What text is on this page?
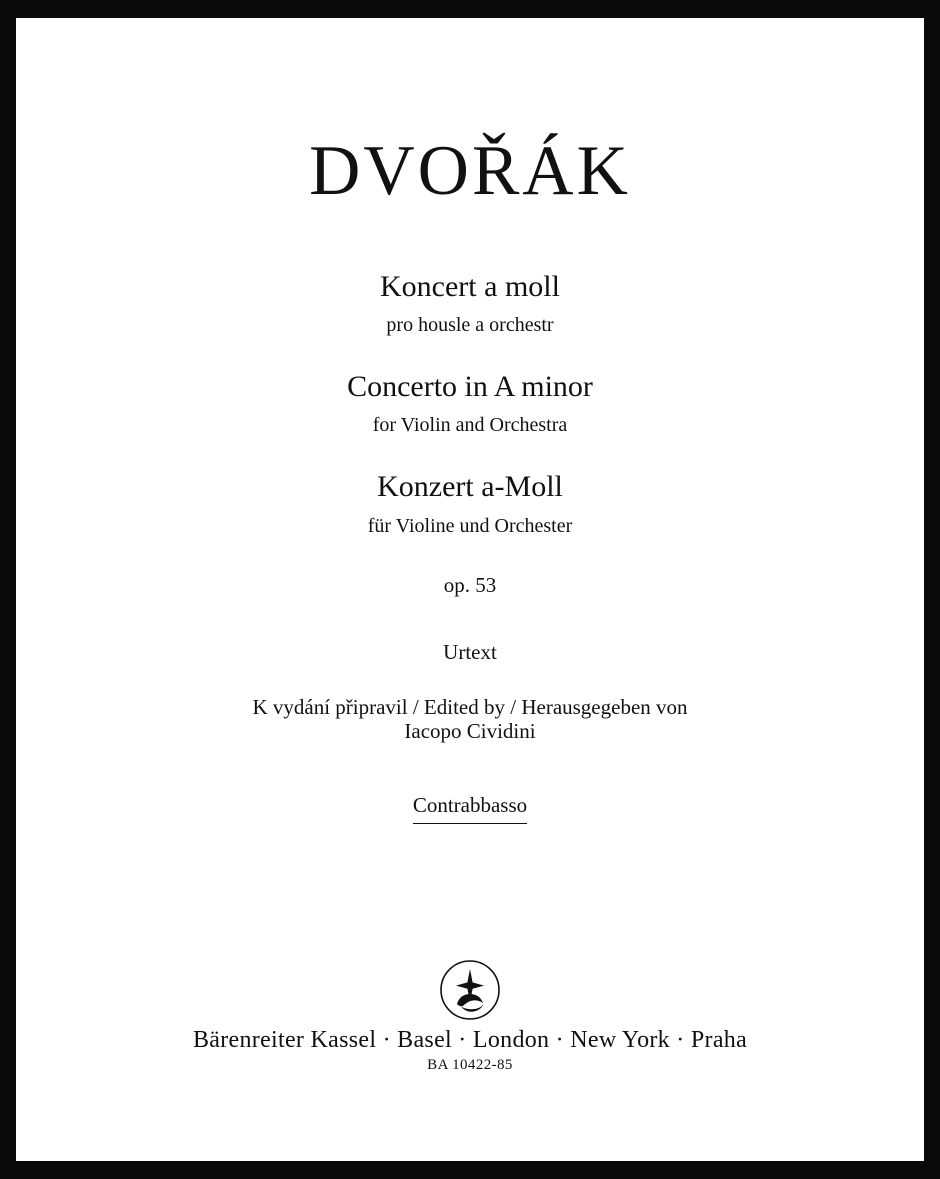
DVOŘÁK
Koncert a moll
pro housle a orchestr
Concerto in A minor
for Violin and Orchestra
Konzert a-Moll
für Violine und Orchester
op. 53
Urtext
K vydání připravil / Edited by / Herausgegeben von
Iacopo Cividini
Contrabbasso
Bärenreiter Kassel · Basel · London · New York · Praha
BA 10422-85
